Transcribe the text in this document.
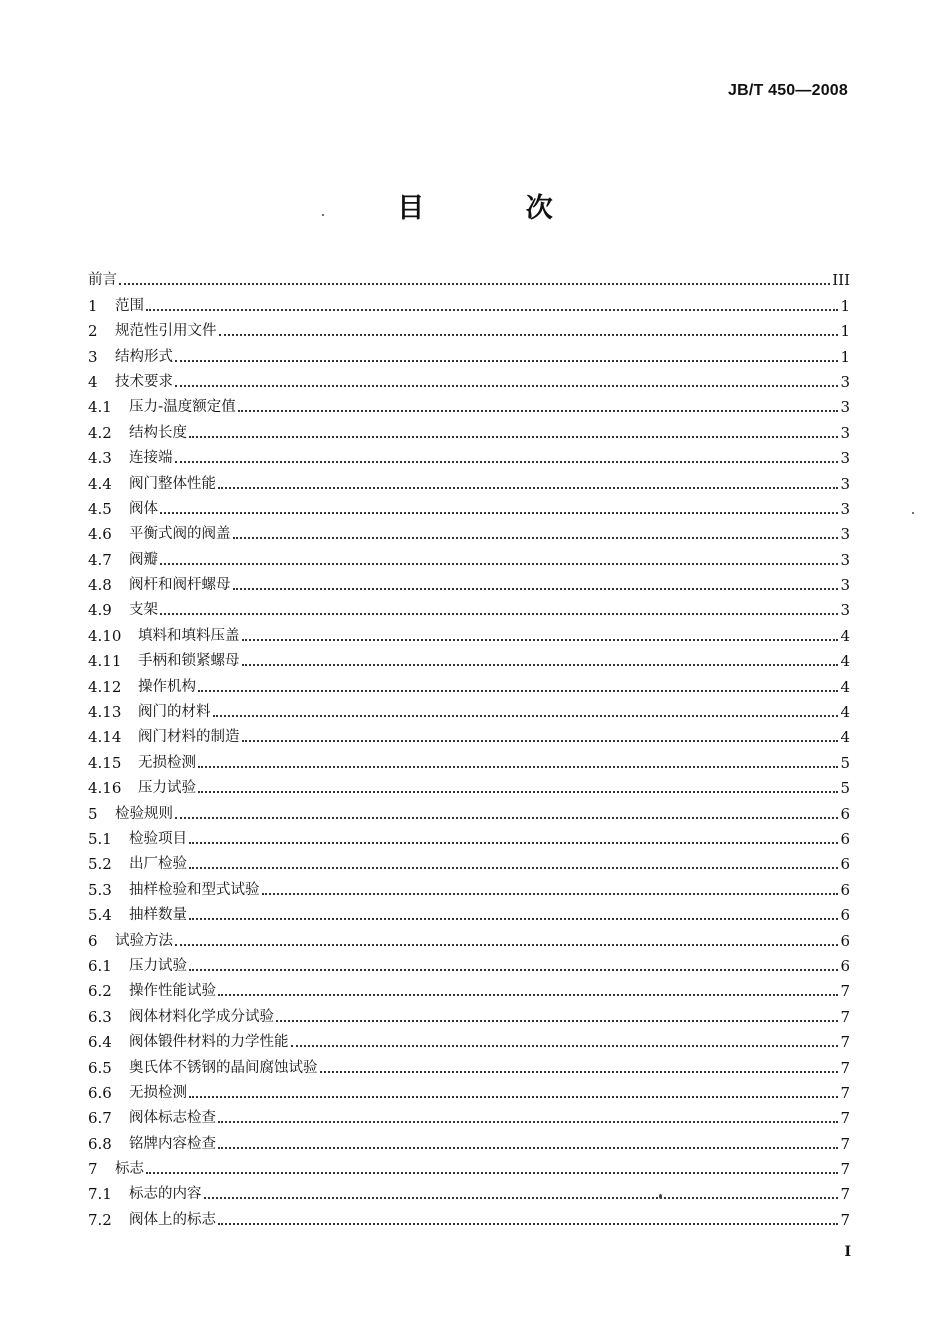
JB/T 450—2008
目 次
前言	III
1	范围	1
2	规范性引用文件	1
3	结构形式	1
4	技术要求	3
4.1	压力-温度额定值	3
4.2	结构长度	3
4.3	连接端	3
4.4	阀门整体性能	3
4.5	阀体	3
4.6	平衡式阀的阀盖	3
4.7	阀瓣	3
4.8	阀杆和阀杆螺母	3
4.9	支架	3
4.10	填料和填料压盖	4
4.11	手柄和锁紧螺母	4
4.12	操作机构	4
4.13	阀门的材料	4
4.14	阀门材料的制造	4
4.15	无损检测	5
4.16	压力试验	5
5	检验规则	6
5.1	检验项目	6
5.2	出厂检验	6
5.3	抽样检验和型式试验	6
5.4	抽样数量	6
6	试验方法	6
6.1	压力试验	6
6.2	操作性能试验	7
6.3	阀体材料化学成分试验	7
6.4	阀体锻件材料的力学性能	7
6.5	奥氏体不锈钢的晶间腐蚀试验	7
6.6	无损检测	7
6.7	阀体标志检查	7
6.8	铭牌内容检查	7
7	标志	7
7.1	标志的内容	7
7.2	阀体上的标志	7
I
